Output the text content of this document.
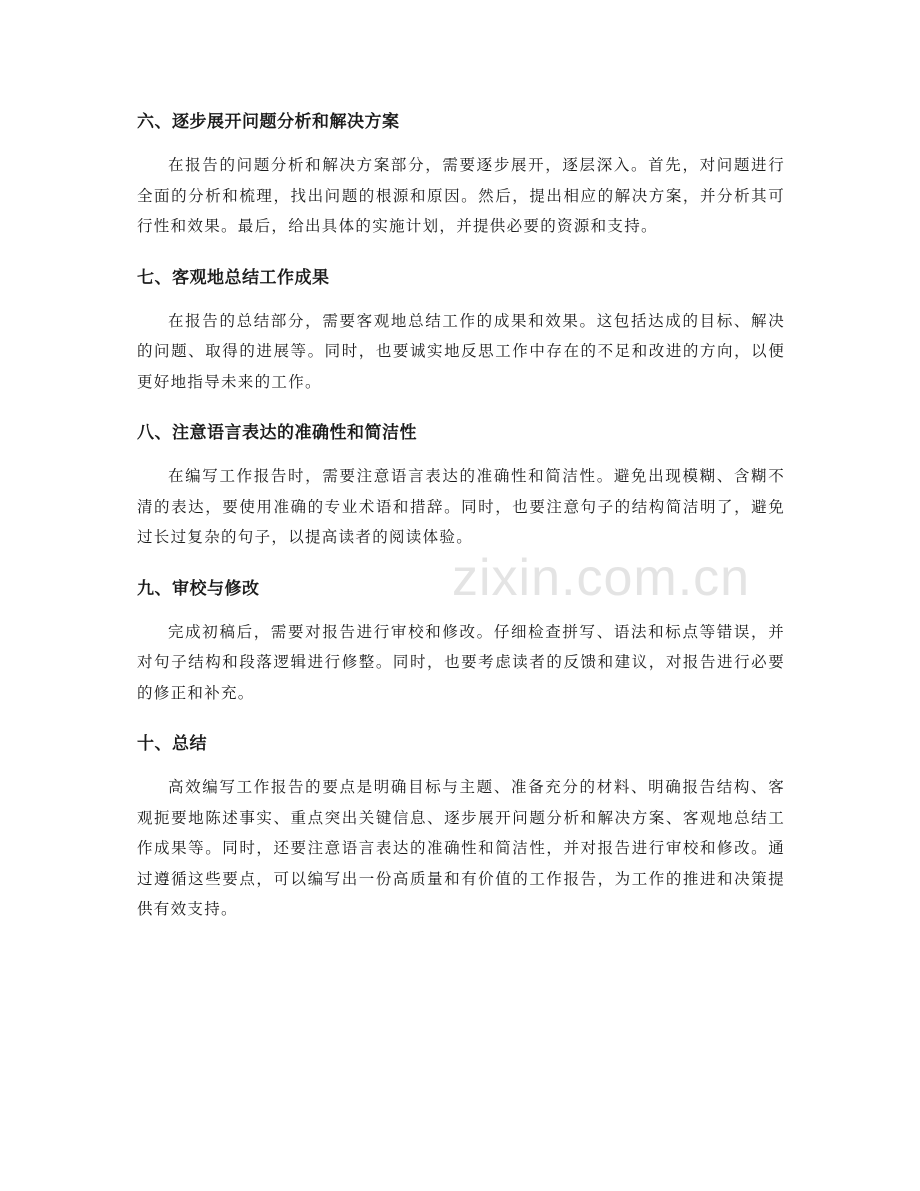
六、逐步展开问题分析和解决方案

在报告的问题分析和解决方案部分，需要逐步展开，逐层深入。首先，对问题进行全面的分析和梳理，找出问题的根源和原因。然后，提出相应的解决方案，并分析其可行性和效果。最后，给出具体的实施计划，并提供必要的资源和支持。

七、客观地总结工作成果

在报告的总结部分，需要客观地总结工作的成果和效果。这包括达成的目标、解决的问题、取得的进展等。同时，也要诚实地反思工作中存在的不足和改进的方向，以便更好地指导未来的工作。

八、注意语言表达的准确性和简洁性

在编写工作报告时，需要注意语言表达的准确性和简洁性。避免出现模糊、含糊不清的表达，要使用准确的专业术语和措辞。同时，也要注意句子的结构简洁明了，避免过长过复杂的句子，以提高读者的阅读体验。

九、审校与修改

完成初稿后，需要对报告进行审校和修改。仔细检查拼写、语法和标点等错误，并对句子结构和段落逻辑进行修整。同时，也要考虑读者的反馈和建议，对报告进行必要的修正和补充。

十、总结

高效编写工作报告的要点是明确目标与主题、准备充分的材料、明确报告结构、客观扼要地陈述事实、重点突出关键信息、逐步展开问题分析和解决方案、客观地总结工作成果等。同时，还要注意语言表达的准确性和简洁性，并对报告进行审校和修改。通过遵循这些要点，可以编写出一份高质量和有价值的工作报告，为工作的推进和决策提供有效支持。

zixin.com.cn
